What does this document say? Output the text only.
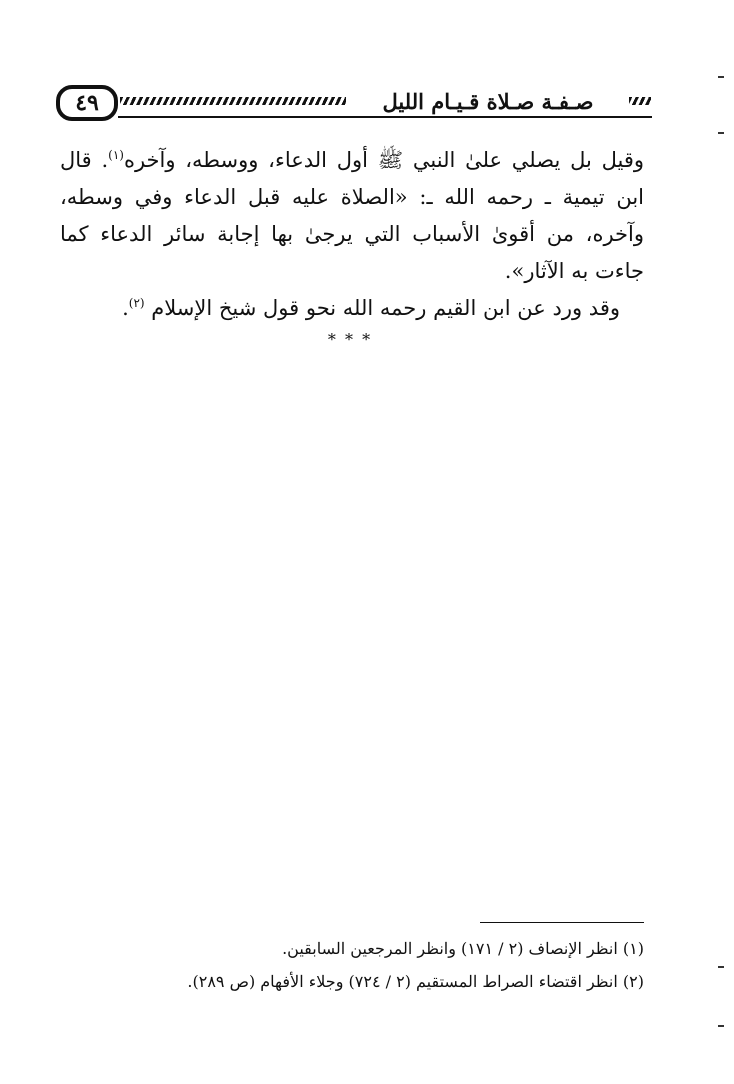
٤٩	صـفـة صـلاة قـيـام الليل

وقيل بل يصلي علىٰ النبي ﷺ أول الدعاء، ووسطه، وآخره$^{(١)}$. قال ابن تيمية ـ رحمه الله ـ: «الصلاة عليه قبل الدعاء وفي وسطه، وآخره، من أقوىٰ الأسباب التي يرجىٰ بها إجابة سائر الدعاء كما جاءت به الآثار».

وقد ورد عن ابن القيم رحمه الله نحو قول شيخ الإسلام $^{(٢)}$.

* * *

(١) انظر الإنصاف (٢ / ١٧١) وانظر المرجعين السابقين.

(٢) انظر اقتضاء الصراط المستقيم (٢ / ٧٢٤) وجلاء الأفهام (ص ٢٨٩).
